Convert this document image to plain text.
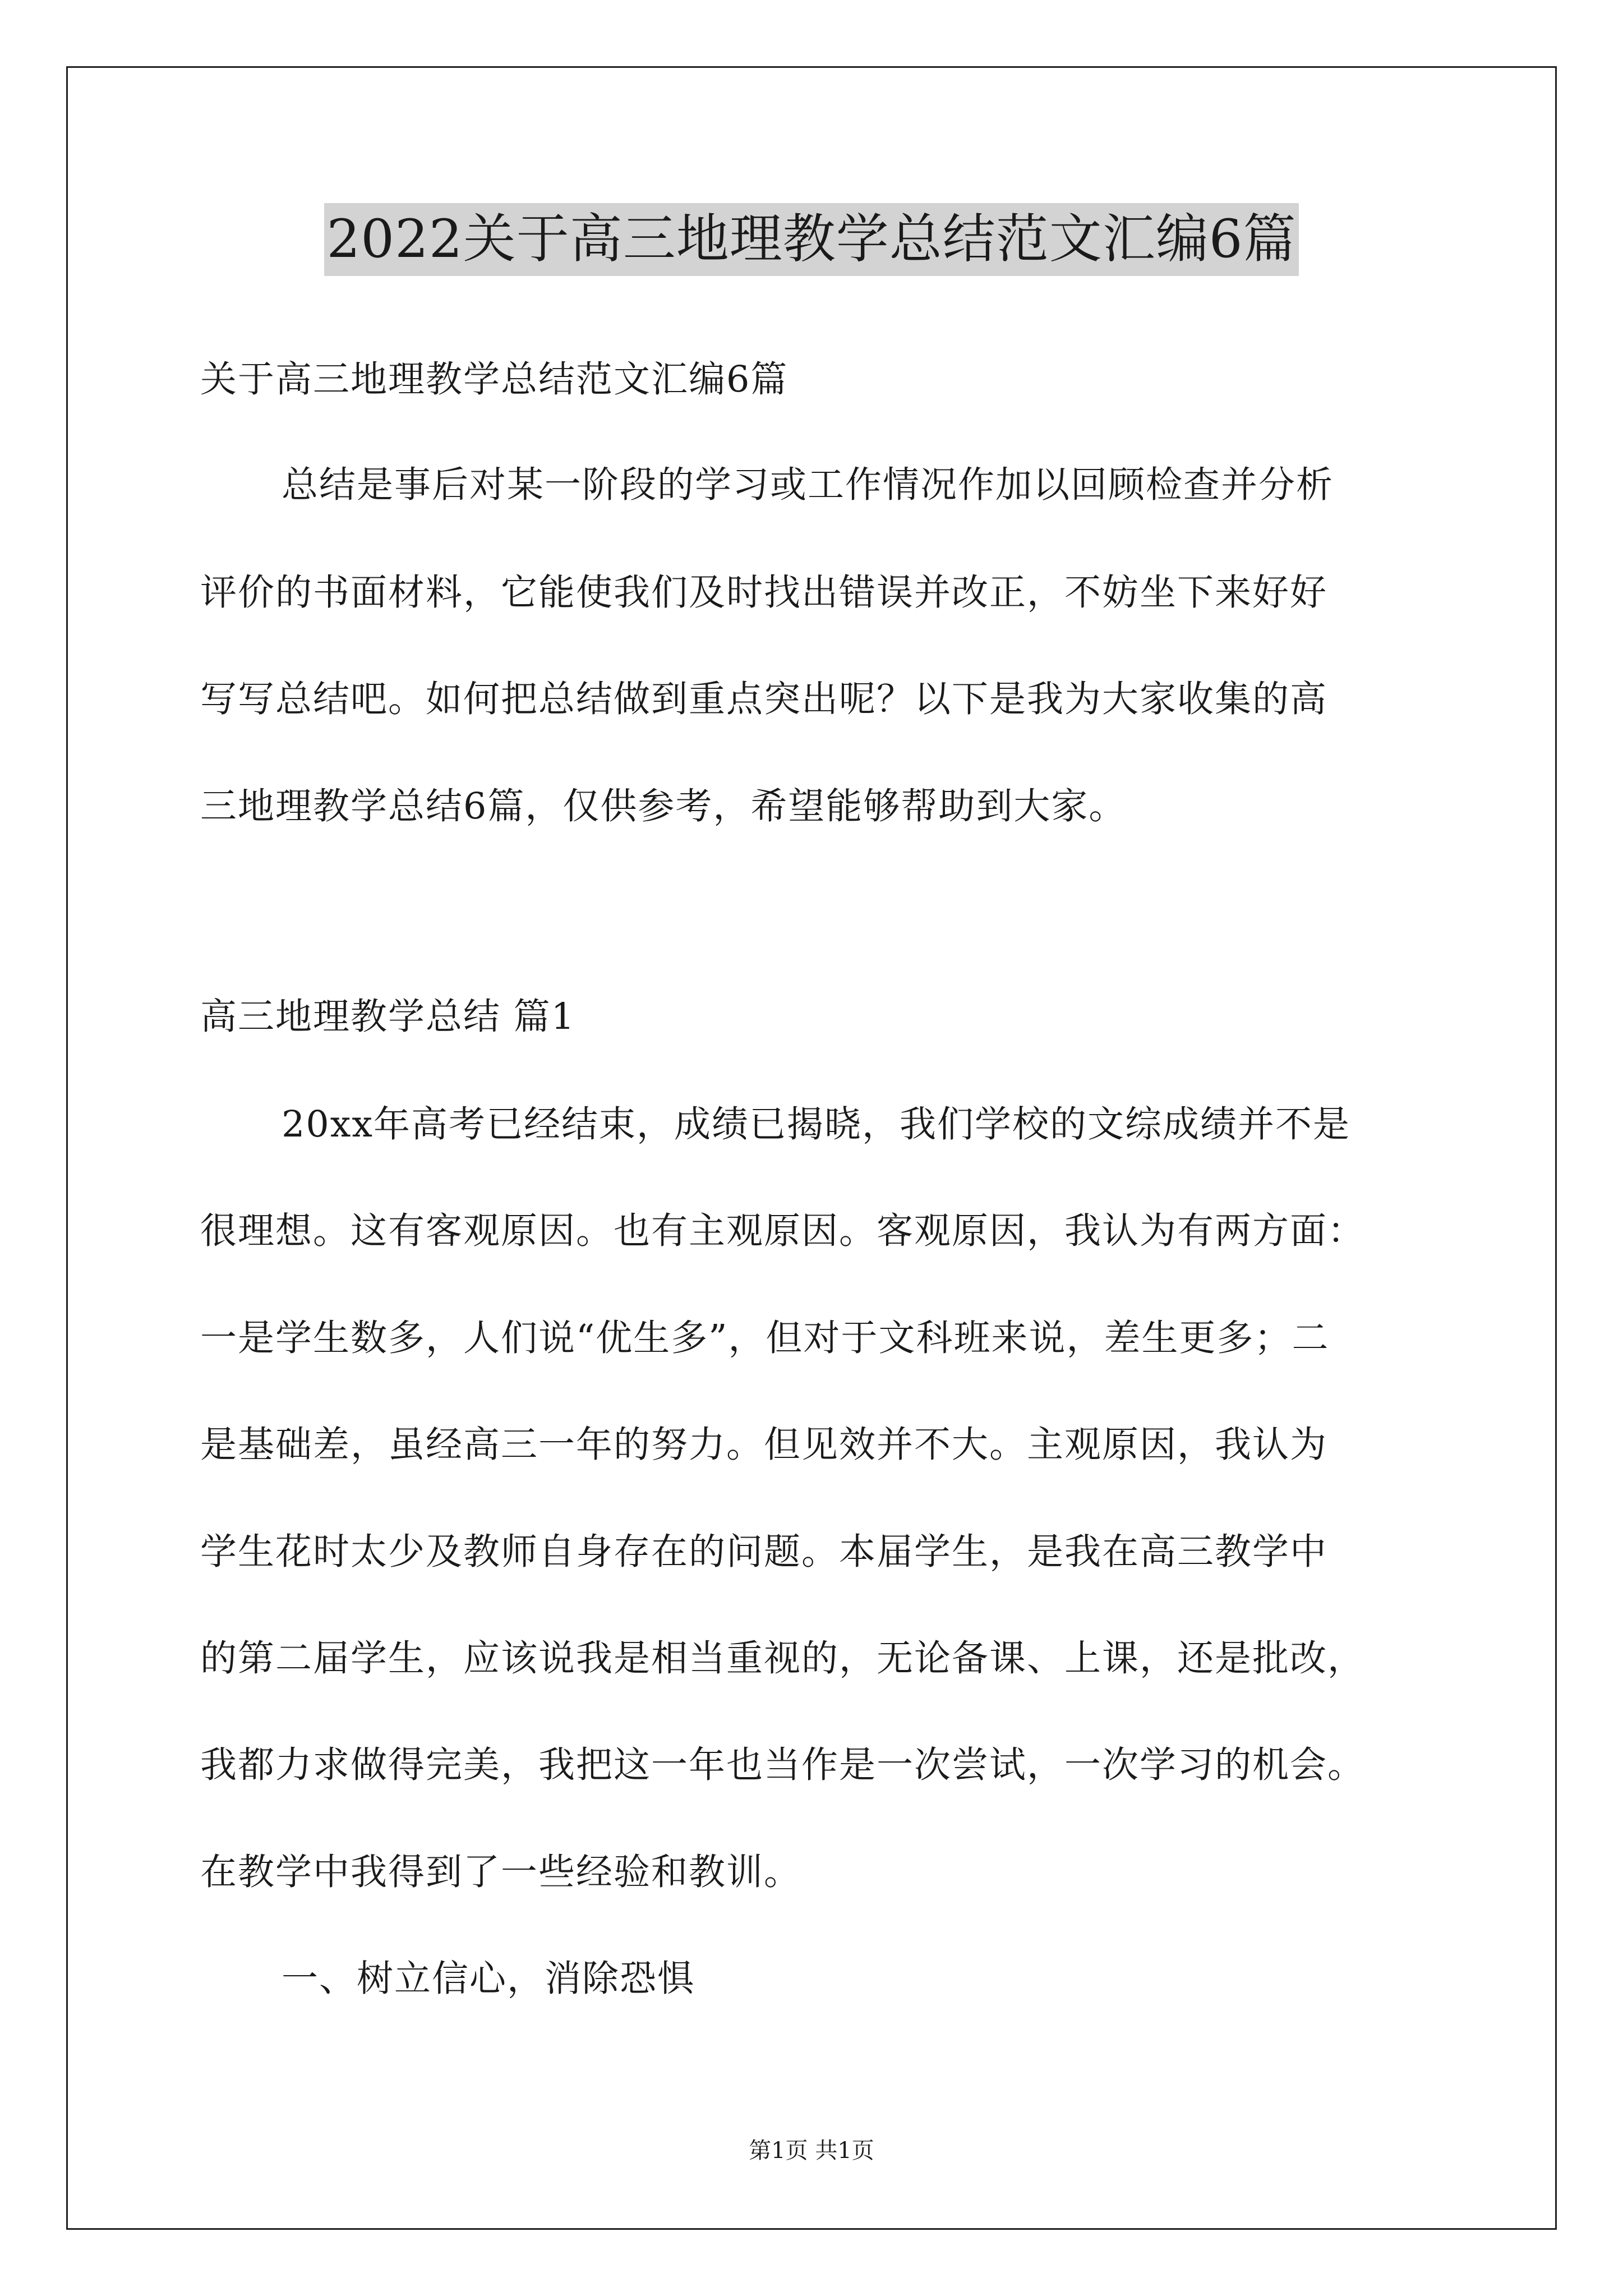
2022关于高三地理教学总结范文汇编6篇
关于高三地理教学总结范文汇编6篇
总结是事后对某一阶段的学习或工作情况作加以回顾检查并分析
评价的书面材料，它能使我们及时找出错误并改正，不妨坐下来好好
写写总结吧。如何把总结做到重点突出呢？以下是我为大家收集的高
三地理教学总结6篇，仅供参考，希望能够帮助到大家。
高三地理教学总结 篇1
20xx年高考已经结束，成绩已揭晓，我们学校的文综成绩并不是
很理想。这有客观原因。也有主观原因。客观原因，我认为有两方面：
一是学生数多，人们说“优生多”，但对于文科班来说，差生更多；二
是基础差，虽经高三一年的努力。但见效并不大。主观原因，我认为
学生花时太少及教师自身存在的问题。本届学生，是我在高三教学中
的第二届学生，应该说我是相当重视的，无论备课、上课，还是批改，
我都力求做得完美，我把这一年也当作是一次尝试，一次学习的机会。
在教学中我得到了一些经验和教训。
一、树立信心，消除恐惧
第1页 共1页
